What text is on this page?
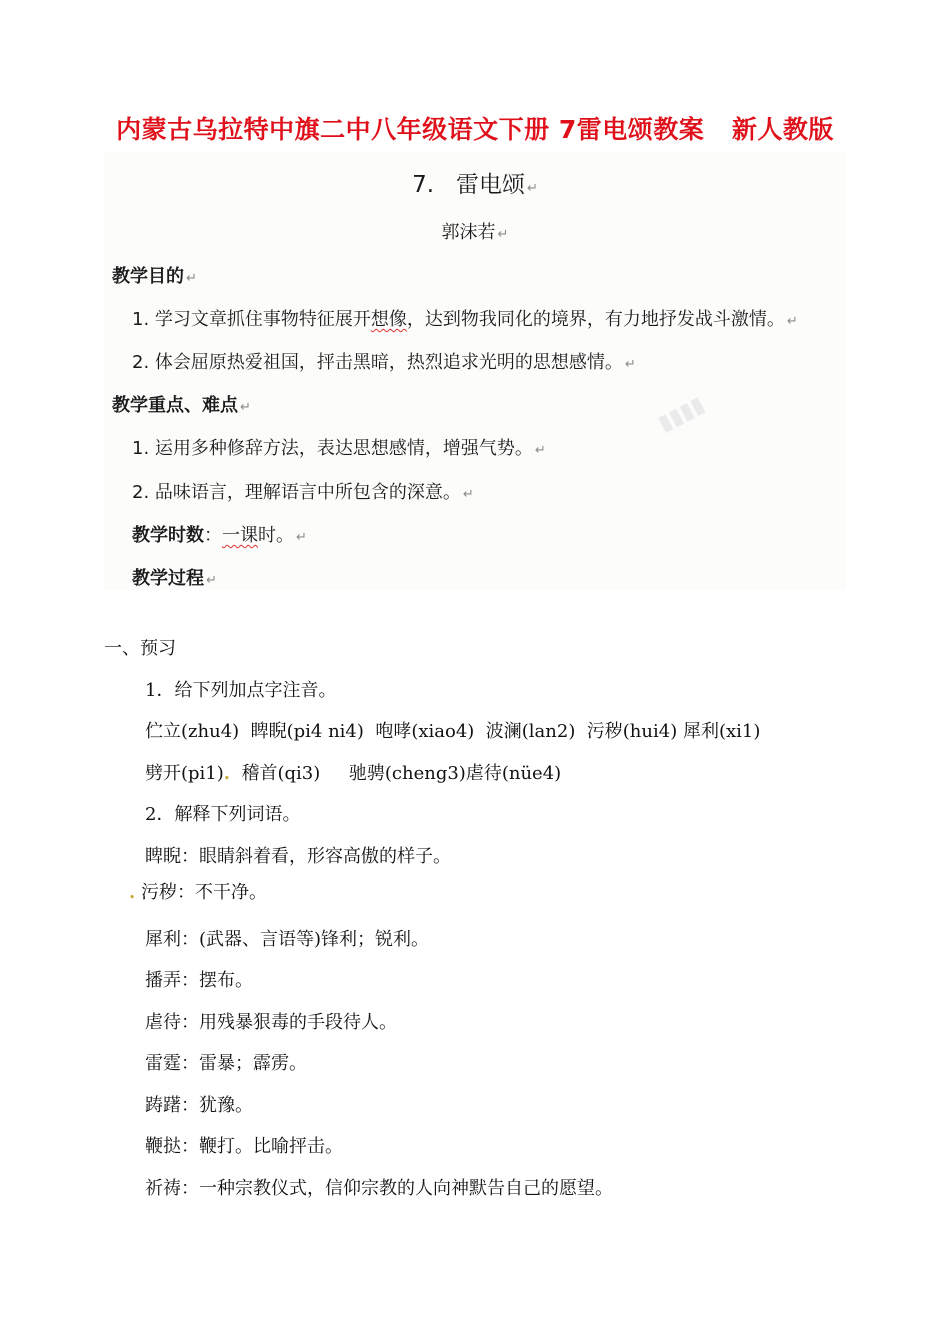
内蒙古乌拉特中旗二中八年级语文下册 7雷电颂教案   新人教版
▮▮▮▮
7.   雷电颂 ↵
郭沫若 ↵
教学目的 ↵
1. 学习文章抓住事物特征展开想像，达到物我同化的境界，有力地抒发战斗激情。 ↵
2. 体会屈原热爱祖国，抨击黑暗，热烈追求光明的思想感情。 ↵
教学重点、难点 ↵
1. 运用多种修辞方法，表达思想感情，增强气势。 ↵
2. 品味语言，理解语言中所包含的深意。 ↵
教学时数：一课时。 ↵
教学过程 ↵
一、预习
1．给下列加点字注音。
伫立(zhu4)  睥睨(pi4 ni4)  咆哮(xiao4)  波澜(lan2)  污秽(hui4) 犀利(xi1)
劈开(pi1).  稽首(qi3)     驰骋(cheng3)虐待(nüe4)
2．解释下列词语。
睥睨：眼睛斜着看，形容高傲的样子。
. 污秽：不干净。
犀利：(武器、言语等)锋利；锐利。
播弄：摆布。
虐待：用残暴狠毒的手段待人。
雷霆：雷暴；霹雳。
踌躇：犹豫。
鞭挞：鞭打。比喻抨击。
祈祷：一种宗教仪式，信仰宗教的人向神默告自己的愿望。
